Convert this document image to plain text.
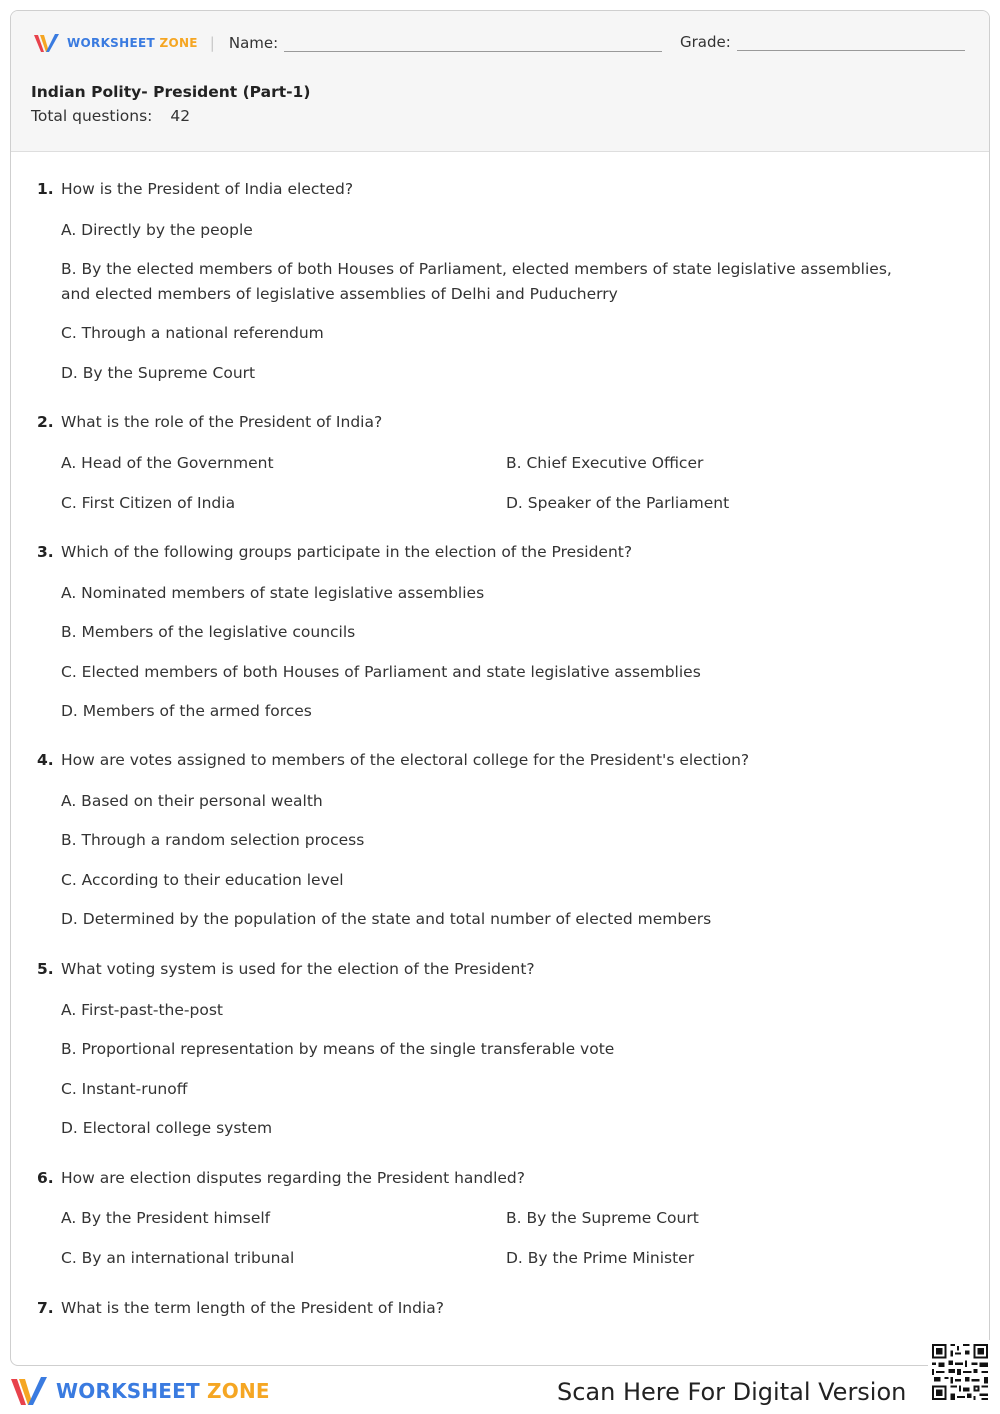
WORKSHEET ZONE | Name:	Grade:
Indian Polity- President (Part-1)
Total questions: 42
1. How is the President of India elected?
A. Directly by the people
B. By the elected members of both Houses of Parliament, elected members of state legislative assemblies,
and elected members of legislative assemblies of Delhi and Puducherry
C. Through a national referendum
D. By the Supreme Court
2. What is the role of the President of India?
A. Head of the Government	B. Chief Executive Officer
C. First Citizen of India	D. Speaker of the Parliament
3. Which of the following groups participate in the election of the President?
A. Nominated members of state legislative assemblies
B. Members of the legislative councils
C. Elected members of both Houses of Parliament and state legislative assemblies
D. Members of the armed forces
4. How are votes assigned to members of the electoral college for the President's election?
A. Based on their personal wealth
B. Through a random selection process
C. According to their education level
D. Determined by the population of the state and total number of elected members
5. What voting system is used for the election of the President?
A. First-past-the-post
B. Proportional representation by means of the single transferable vote
C. Instant-runoff
D. Electoral college system
6. How are election disputes regarding the President handled?
A. By the President himself	B. By the Supreme Court
C. By an international tribunal	D. By the Prime Minister
7. What is the term length of the President of India?
WORKSHEET ZONE	Scan Here For Digital Version
